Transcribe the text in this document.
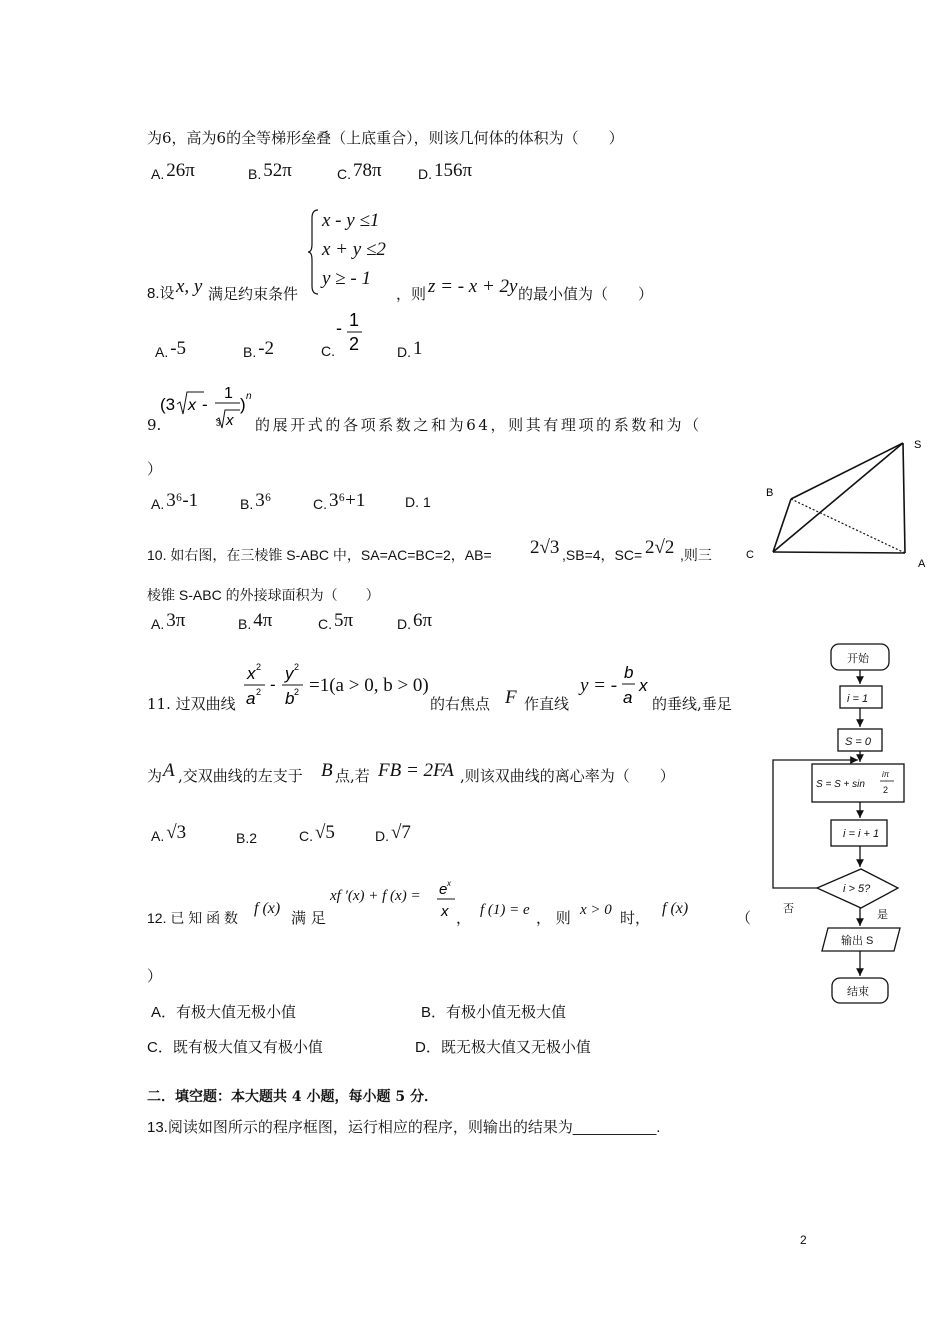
为6，高为6的全等梯形垒叠（上底重合），则该几何体的体积为（　　）
A. 26π	B. 52π	C. 78π	D. 156π
x - y ≤1
x + y ≤2
y ≥ - 1
8.设 x, y 满足约束条件	，则 z = - x + 2y 的最小值为（　　）
A. -5	B. -2	C.
- 1
2	D. 1
(3 x -
1
3 x
) n
9.	的展开式的各项系数之和为64，则其有理项的系数和为（
）
A. 3⁶-1	B. 3⁶	C. 3⁶+1	D. 1
10. 如右图，在三棱锥 S-ABC 中，SA=AC=BC=2，AB= 2√3 ,SB=4，SC= 2√2 ,则三
棱锥 S-ABC 的外接球面积为（　　）
A. 3π	B. 4π	C. 5π	D. 6π
S
B
C
A
11. 过双曲线
x 2
a 2 -
y 2
b 2 =1(a > 0, b > 0)
的右焦点 F 作直线
y = -
b
a
x
的垂线,垂足
为 A ,交双曲线的左支于 B 点,若 FB = 2FA ,则该双曲线的离心率为（　　）
A. √3	B.2	C. √5	D. √7
12. 已 知 函 数
f (x)
满 足
xf ′(x) + f (x) = e x
x ， f (1) = e ， 则 x > 0 时，
f (x)
（
）
A．有极大值无极小值	B．有极小值无极大值
C．既有极大值又有极小值	D．既无极大值又无极小值
二．填空题：本大题共 4 小题，每小题 5 分．
13.阅读如图所示的程序框图，运行相应的程序，则输出的结果为__________.
开始
i = 1
S = 0
S = S + sin
iπ
2
i = i + 1
i > 5?
否	是
输出 S
结束
2
